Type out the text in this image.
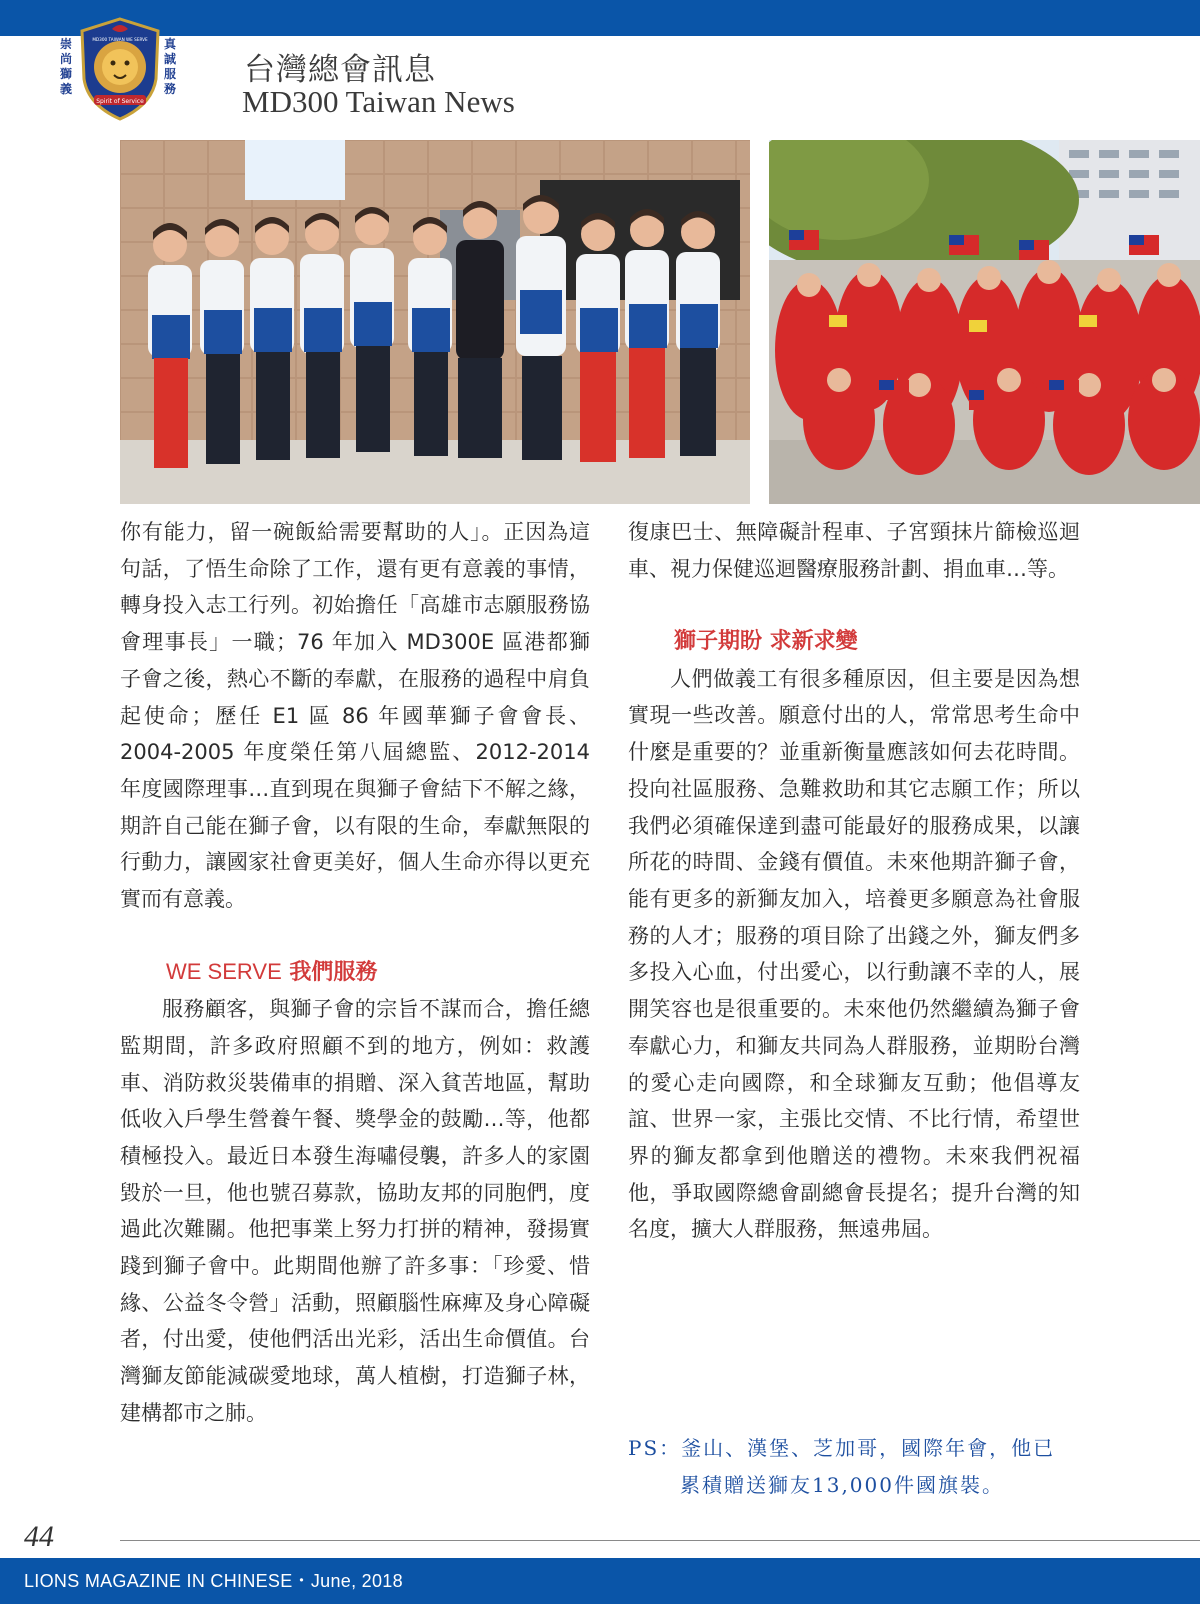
崇尚獅義
Spirit of Service
MD300 TAIWAN WE SERVE 真誠服務
台灣總會訊息
MD300 Taiwan News

你有能力，留一碗飯給需要幫助的人」。正因為這句話，了悟生命除了工作，還有更有意義的事情，轉身投入志工行列。初始擔任「高雄市志願服務協會理事長」一職；76 年加入 MD300E 區港都獅子會之後，熱心不斷的奉獻，在服務的過程中肩負起使命；歷任 E1 區 86 年國華獅子會會長、2004-2005 年度榮任第八屆總監、2012-2014 年度國際理事…直到現在與獅子會結下不解之緣，期許自己能在獅子會，以有限的生命，奉獻無限的行動力，讓國家社會更美好，個人生命亦得以更充實而有意義。

WE SERVE 我們服務

服務顧客，與獅子會的宗旨不謀而合，擔任總監期間，許多政府照顧不到的地方，例如：救護車、消防救災裝備車的捐贈、深入貧苦地區，幫助低收入戶學生營養午餐、獎學金的鼓勵…等，他都積極投入。最近日本發生海嘯侵襲，許多人的家園毀於一旦，他也號召募款，協助友邦的同胞們，度過此次難關。他把事業上努力打拼的精神，發揚實踐到獅子會中。此期間他辦了許多事：「珍愛、惜緣、公益冬令營」活動，照顧腦性麻痺及身心障礙者，付出愛，使他們活出光彩，活出生命價值。台灣獅友節能減碳愛地球，萬人植樹，打造獅子林，建構都市之肺。

復康巴士、無障礙計程車、子宮頸抹片篩檢巡迴車、視力保健巡迴醫療服務計劃、捐血車…等。

獅子期盼 求新求變

人們做義工有很多種原因，但主要是因為想實現一些改善。願意付出的人，常常思考生命中什麼是重要的？並重新衡量應該如何去花時間。投向社區服務、急難救助和其它志願工作；所以我們必須確保達到盡可能最好的服務成果，以讓所花的時間、金錢有價值。未來他期許獅子會，能有更多的新獅友加入，培養更多願意為社會服務的人才；服務的項目除了出錢之外，獅友們多多投入心血，付出愛心，以行動讓不幸的人，展開笑容也是很重要的。未來他仍然繼續為獅子會奉獻心力，和獅友共同為人群服務，並期盼台灣的愛心走向國際，和全球獅友互動；他倡導友誼、世界一家，主張比交情、不比行情，希望世界的獅友都拿到他贈送的禮物。未來我們祝福他，爭取國際總會副總會長提名；提升台灣的知名度，擴大人群服務，無遠弗屆。

PS：釜山、漢堡、芝加哥，國際年會，他已
累積贈送獅友13,000件國旗裝。
44
LIONS MAGAZINE IN CHINESE・June, 2018
